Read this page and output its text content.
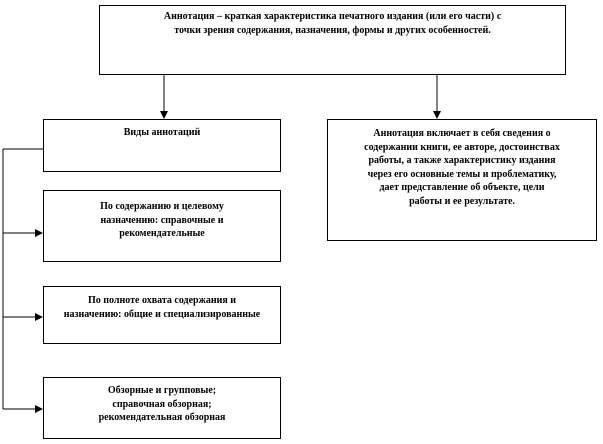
Аннотация – краткая характеристика печатного издания (или его части) с
точки зрения содержания, назначения, формы и других особенностей.
Виды аннотаций	Аннотация включает в себя сведения о
содержании книги, ее авторе, достоинствах
работы, а также характеристику издания
через его основные темы и проблематику,
дает представление об объекте, цели
работы и ее результате.
По содержанию и целевому
назначению: справочные и
рекомендательные
По полноте охвата содержания и
назначению: общие и специализированные
Обзорные и групповые;
справочная обзорная;
рекомендательная обзорная
